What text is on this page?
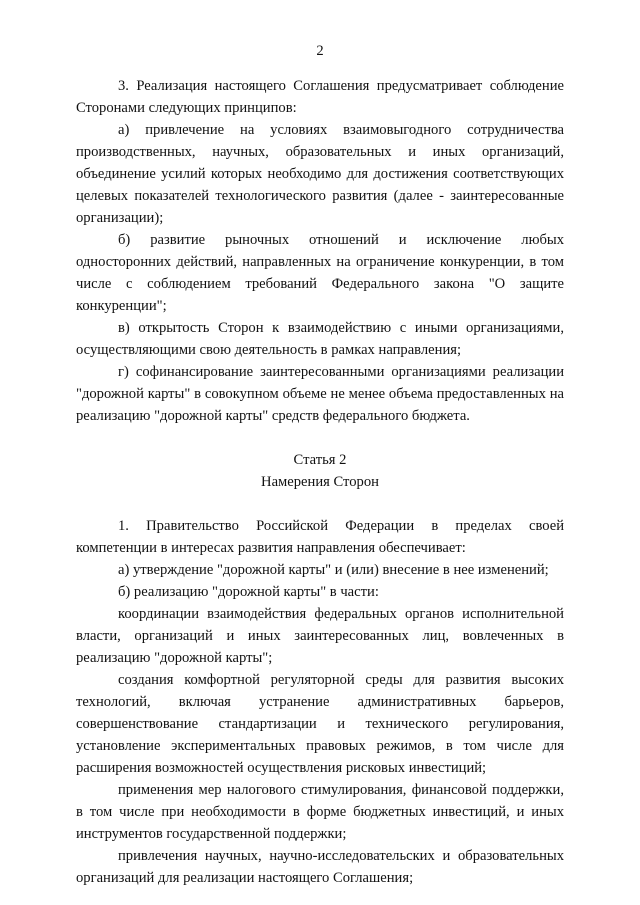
2

3. Реализация настоящего Соглашения предусматривает соблюдение Сторонами следующих принципов:

а) привлечение на условиях взаимовыгодного сотрудничества производственных, научных, образовательных и иных организаций, объединение усилий которых необходимо для достижения соответствующих целевых показателей технологического развития (далее - заинтересованные организации);

б) развитие рыночных отношений и исключение любых односторонних действий, направленных на ограничение конкуренции, в том числе с соблюдением требований Федерального закона "О защите конкуренции";

в) открытость Сторон к взаимодействию с иными организациями, осуществляющими свою деятельность в рамках направления;

г) софинансирование заинтересованными организациями реализации "дорожной карты" в совокупном объеме не менее объема предоставленных на реализацию "дорожной карты" средств федерального бюджета.

Статья 2
Намерения Сторон

1. Правительство Российской Федерации в пределах своей компетенции в интересах развития направления обеспечивает:

а) утверждение "дорожной карты" и (или) внесение в нее изменений;

б) реализацию "дорожной карты" в части:

координации взаимодействия федеральных органов исполнительной власти, организаций и иных заинтересованных лиц, вовлеченных в реализацию "дорожной карты";

создания комфортной регуляторной среды для развития высоких технологий, включая устранение административных барьеров, совершенствование стандартизации и технического регулирования, установление экспериментальных правовых режимов, в том числе для расширения возможностей осуществления рисковых инвестиций;

применения мер налогового стимулирования, финансовой поддержки, в том числе при необходимости в форме бюджетных инвестиций, и иных инструментов государственной поддержки;

привлечения научных, научно-исследовательских и образовательных организаций для реализации настоящего Соглашения;
